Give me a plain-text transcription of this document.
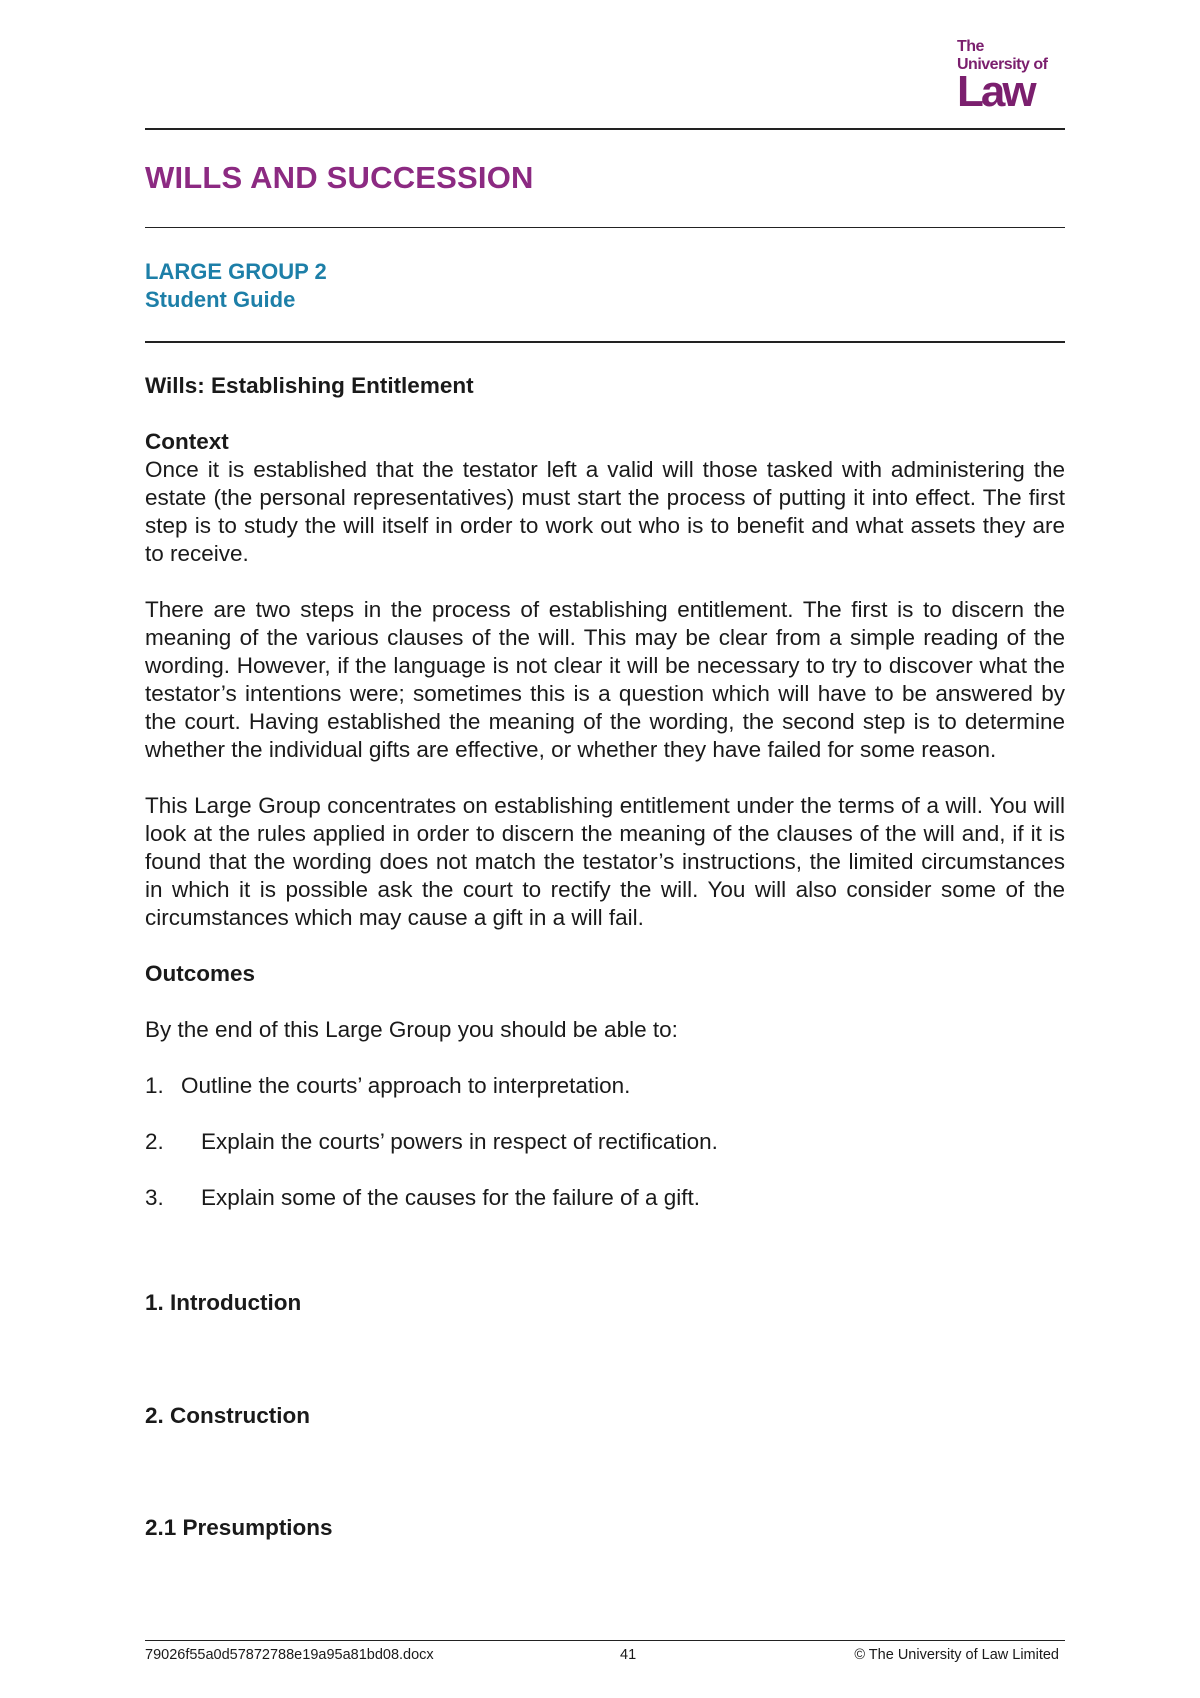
The
University of
Law
WILLS AND SUCCESSION
LARGE GROUP 2
Student Guide
Wills: Establishing Entitlement
Context

Once it is established that the testator left a valid will those tasked with administering the estate (the personal representatives) must start the process of putting it into effect. The first step is to study the will itself in order to work out who is to benefit and what assets they are to receive.

There are two steps in the process of establishing entitlement. The first is to discern the meaning of the various clauses of the will. This may be clear from a simple reading of the wording. However, if the language is not clear it will be necessary to try to discover what the testator’s intentions were; sometimes this is a question which will have to be answered by the court. Having established the meaning of the wording, the second step is to determine whether the individual gifts are effective, or whether they have failed for some reason.

This Large Group concentrates on establishing entitlement under the terms of a will. You will look at the rules applied in order to discern the meaning of the clauses of the will and, if it is found that the wording does not match the testator’s instructions, the limited circumstances in which it is possible ask the court to rectify the will. You will also consider some of the circumstances which may cause a gift in a will fail.

Outcomes

By the end of this Large Group you should be able to:

1. Outline the courts’ approach to interpretation.
2.	Explain the courts’ powers in respect of rectification.
3.	Explain some of the causes for the failure of a gift.
1. Introduction
2. Construction
2.1 Presumptions
79026f55a0d57872788e19a95a81bd08.docx	41	© The University of Law Limited
